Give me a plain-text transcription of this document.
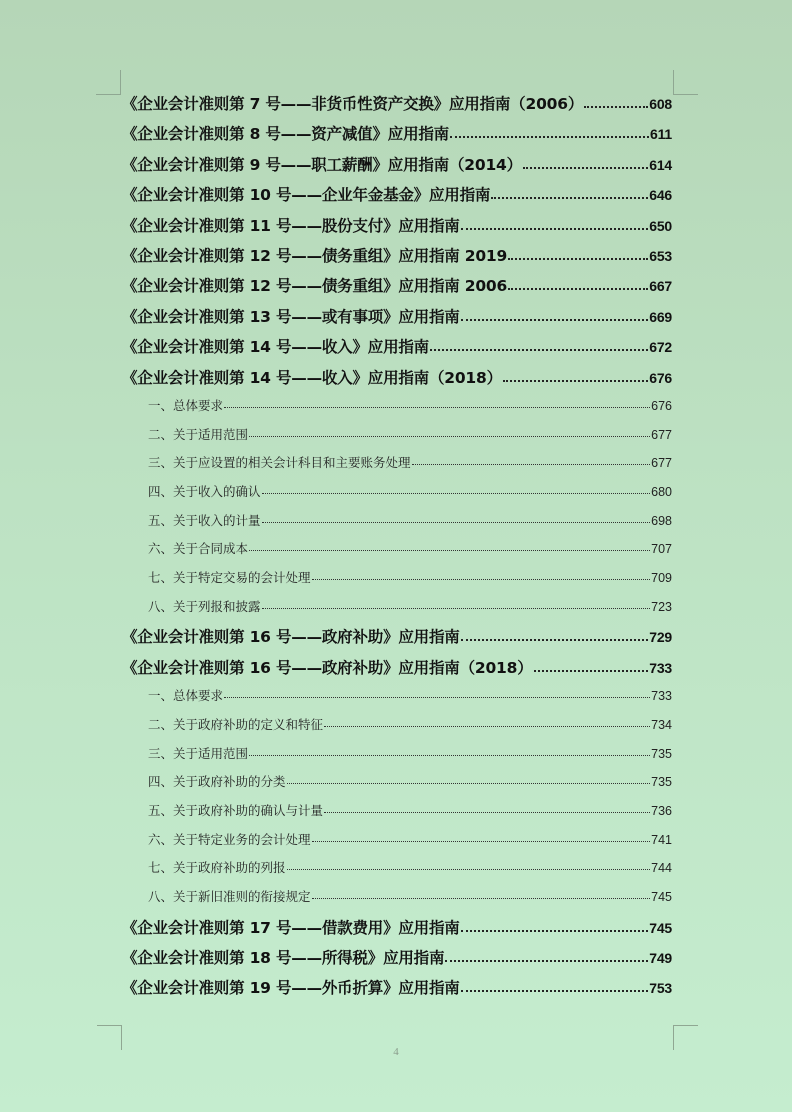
《企业会计准则第 7 号——非货币性资产交换》应用指南（2006）	608
《企业会计准则第 8 号——资产减值》应用指南	611
《企业会计准则第 9 号——职工薪酬》应用指南（2014）	614
《企业会计准则第 10 号——企业年金基金》应用指南	646
《企业会计准则第 11 号——股份支付》应用指南	650
《企业会计准则第 12 号——债务重组》应用指南 2019	653
《企业会计准则第 12 号——债务重组》应用指南 2006	667
《企业会计准则第 13 号——或有事项》应用指南	669
《企业会计准则第 14 号——收入》应用指南	672
《企业会计准则第 14 号——收入》应用指南（2018）	676
一、总体要求	676
二、关于适用范围	677
三、关于应设置的相关会计科目和主要账务处理	677
四、关于收入的确认	680
五、关于收入的计量	698
六、关于合同成本	707
七、关于特定交易的会计处理	709
八、关于列报和披露	723
《企业会计准则第 16 号——政府补助》应用指南	729
《企业会计准则第 16 号——政府补助》应用指南（2018）	733
一、总体要求	733
二、关于政府补助的定义和特征	734
三、关于适用范围	735
四、关于政府补助的分类	735
五、关于政府补助的确认与计量	736
六、关于特定业务的会计处理	741
七、关于政府补助的列报	744
八、关于新旧准则的衔接规定	745
《企业会计准则第 17 号——借款费用》应用指南	745
《企业会计准则第 18 号——所得税》应用指南	749
《企业会计准则第 19 号——外币折算》应用指南	753
4
